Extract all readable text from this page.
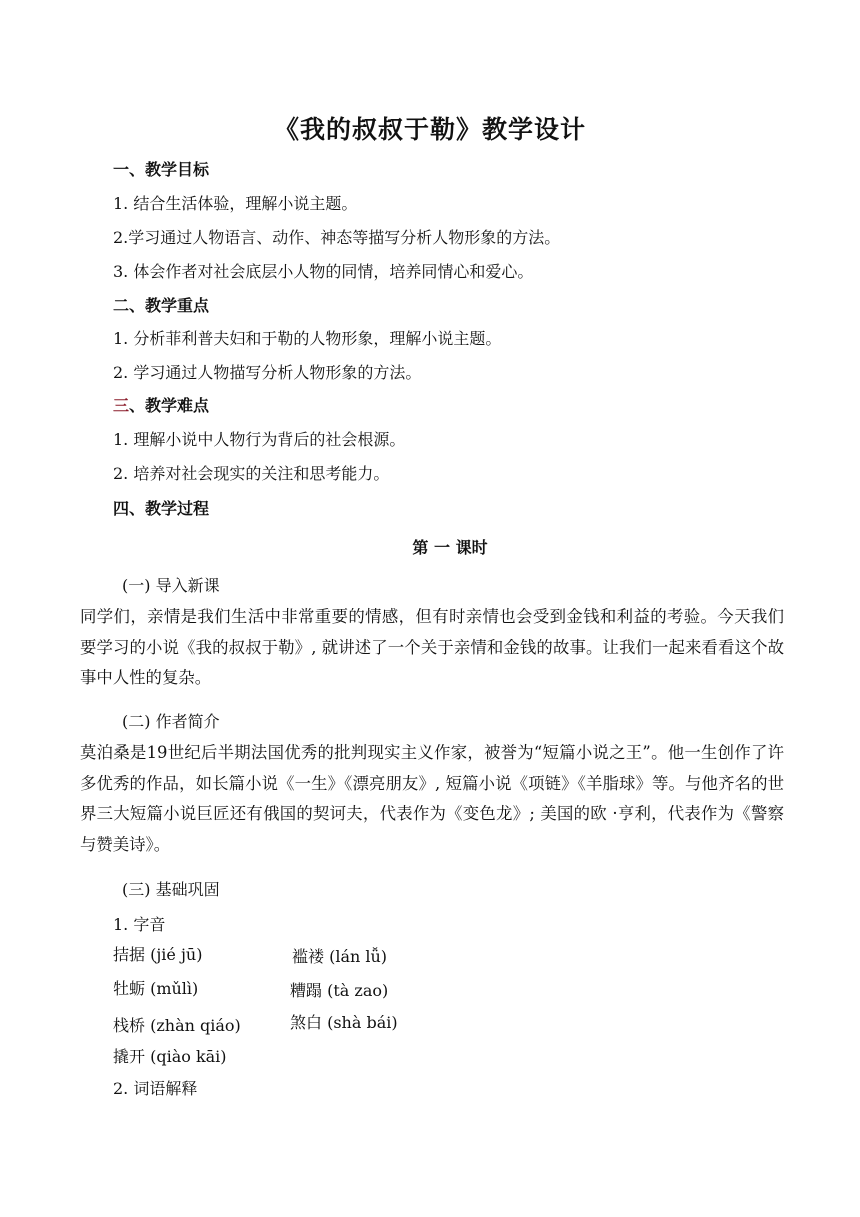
《我的叔叔于勒》教学设计
一、教学目标
1. 结合生活体验，理解小说主题。
2.学习通过人物语言、动作、神态等描写分析人物形象的方法。
3. 体会作者对社会底层小人物的同情，培养同情心和爱心。
二、教学重点
1. 分析菲利普夫妇和于勒的人物形象，理解小说主题。
2. 学习通过人物描写分析人物形象的方法。
三、教学难点
1. 理解小说中人物行为背后的社会根源。
2. 培养对社会现实的关注和思考能力。
四、教学过程
第 一 课时
(一) 导入新课
同学们，亲情是我们生活中非常重要的情感，但有时亲情也会受到金钱和利益的考验。今天我们要学习的小说《我的叔叔于勒》, 就讲述了一个关于亲情和金钱的故事。让我们一起来看看这个故事中人性的复杂。
(二) 作者简介
莫泊桑是19世纪后半期法国优秀的批判现实主义作家，被誉为“短篇小说之王”。他一生创作了许多优秀的作品，如长篇小说《一生》《漂亮朋友》, 短篇小说《项链》《羊脂球》等。与他齐名的世界三大短篇小说巨匠还有俄国的契诃夫，代表作为《变色龙》; 美国的欧 ·亨利，代表作为《警察与赞美诗》。
(三) 基础巩固
1. 字音
拮据 (jié jū)	褴褛 (lán lǚ)
牡蛎 (mǔlì)	糟蹋 (tà zao)
栈桥 (zhàn qiáo)	煞白 (shà bái)
撬开 (qiào kāi)
2. 词语解释
